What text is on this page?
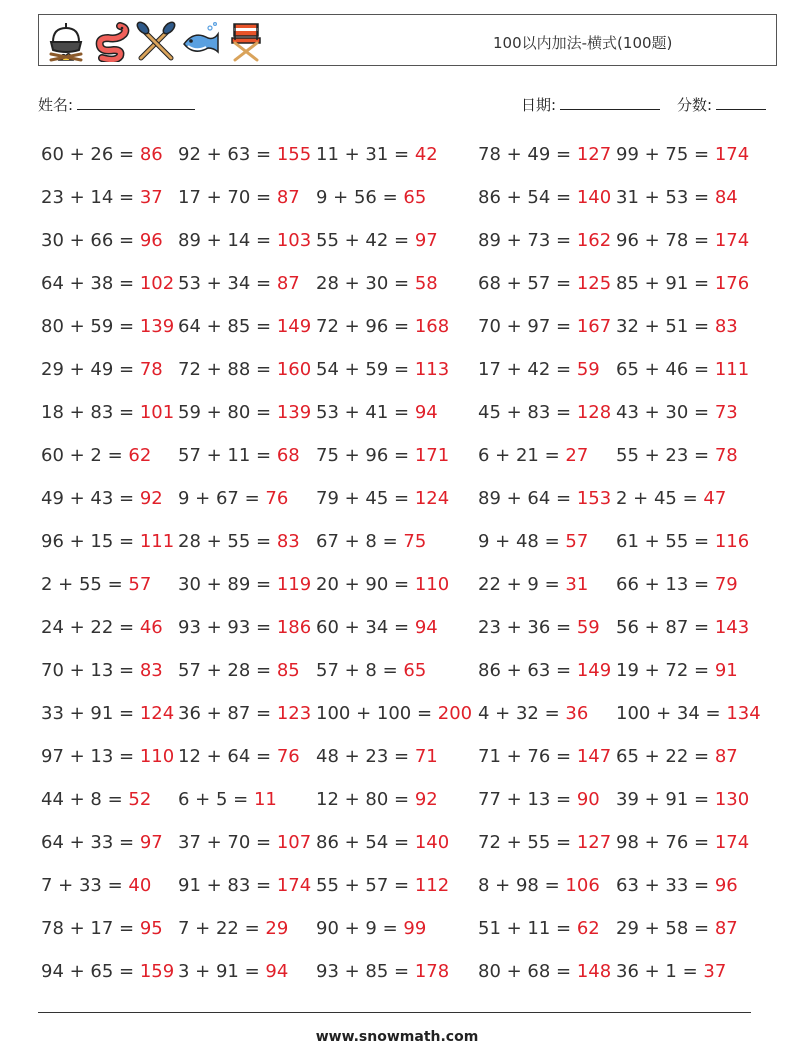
100以内加法-横式(100题)
姓名:	日期:	分数:
60 + 26 = 86 92 + 63 = 155 11 + 31 = 42 78 + 49 = 127 99 + 75 = 174
23 + 14 = 37 17 + 70 = 87 9 + 56 = 65	86 + 54 = 140 31 + 53 = 84
30 + 66 = 96 89 + 14 = 103 55 + 42 = 97 89 + 73 = 162 96 + 78 = 174
64 + 38 = 102 53 + 34 = 87 28 + 30 = 58 68 + 57 = 125 85 + 91 = 176
80 + 59 = 139 64 + 85 = 149 72 + 96 = 168 70 + 97 = 167 32 + 51 = 83
29 + 49 = 78 72 + 88 = 160 54 + 59 = 113 17 + 42 = 59 65 + 46 = 111
18 + 83 = 101 59 + 80 = 139 53 + 41 = 94 45 + 83 = 128 43 + 30 = 73
60 + 2 = 62 57 + 11 = 68 75 + 96 = 171 6 + 21 = 27 55 + 23 = 78
49 + 43 = 92 9 + 67 = 76 79 + 45 = 124 89 + 64 = 153 2 + 45 = 47
96 + 15 = 111 28 + 55 = 83 67 + 8 = 75	9 + 48 = 57 61 + 55 = 116
2 + 55 = 57 30 + 89 = 119 20 + 90 = 110 22 + 9 = 31 66 + 13 = 79
24 + 22 = 46 93 + 93 = 186 60 + 34 = 94 23 + 36 = 59 56 + 87 = 143
70 + 13 = 83 57 + 28 = 85 57 + 8 = 65	86 + 63 = 149 19 + 72 = 91
33 + 91 = 124 36 + 87 = 123 100 + 100 = 200 4 + 32 = 36 100 + 34 = 134
97 + 13 = 110 12 + 64 = 76 48 + 23 = 71 71 + 76 = 147 65 + 22 = 87
44 + 8 = 52 6 + 5 = 11 12 + 80 = 92 77 + 13 = 90 39 + 91 = 130
64 + 33 = 97 37 + 70 = 107 86 + 54 = 140 72 + 55 = 127 98 + 76 = 174
7 + 33 = 40 91 + 83 = 174 55 + 57 = 112 8 + 98 = 106 63 + 33 = 96
78 + 17 = 95 7 + 22 = 29 90 + 9 = 99	51 + 11 = 62 29 + 58 = 87
94 + 65 = 159 3 + 91 = 94 93 + 85 = 178 80 + 68 = 148 36 + 1 = 37
www.snowmath.com
